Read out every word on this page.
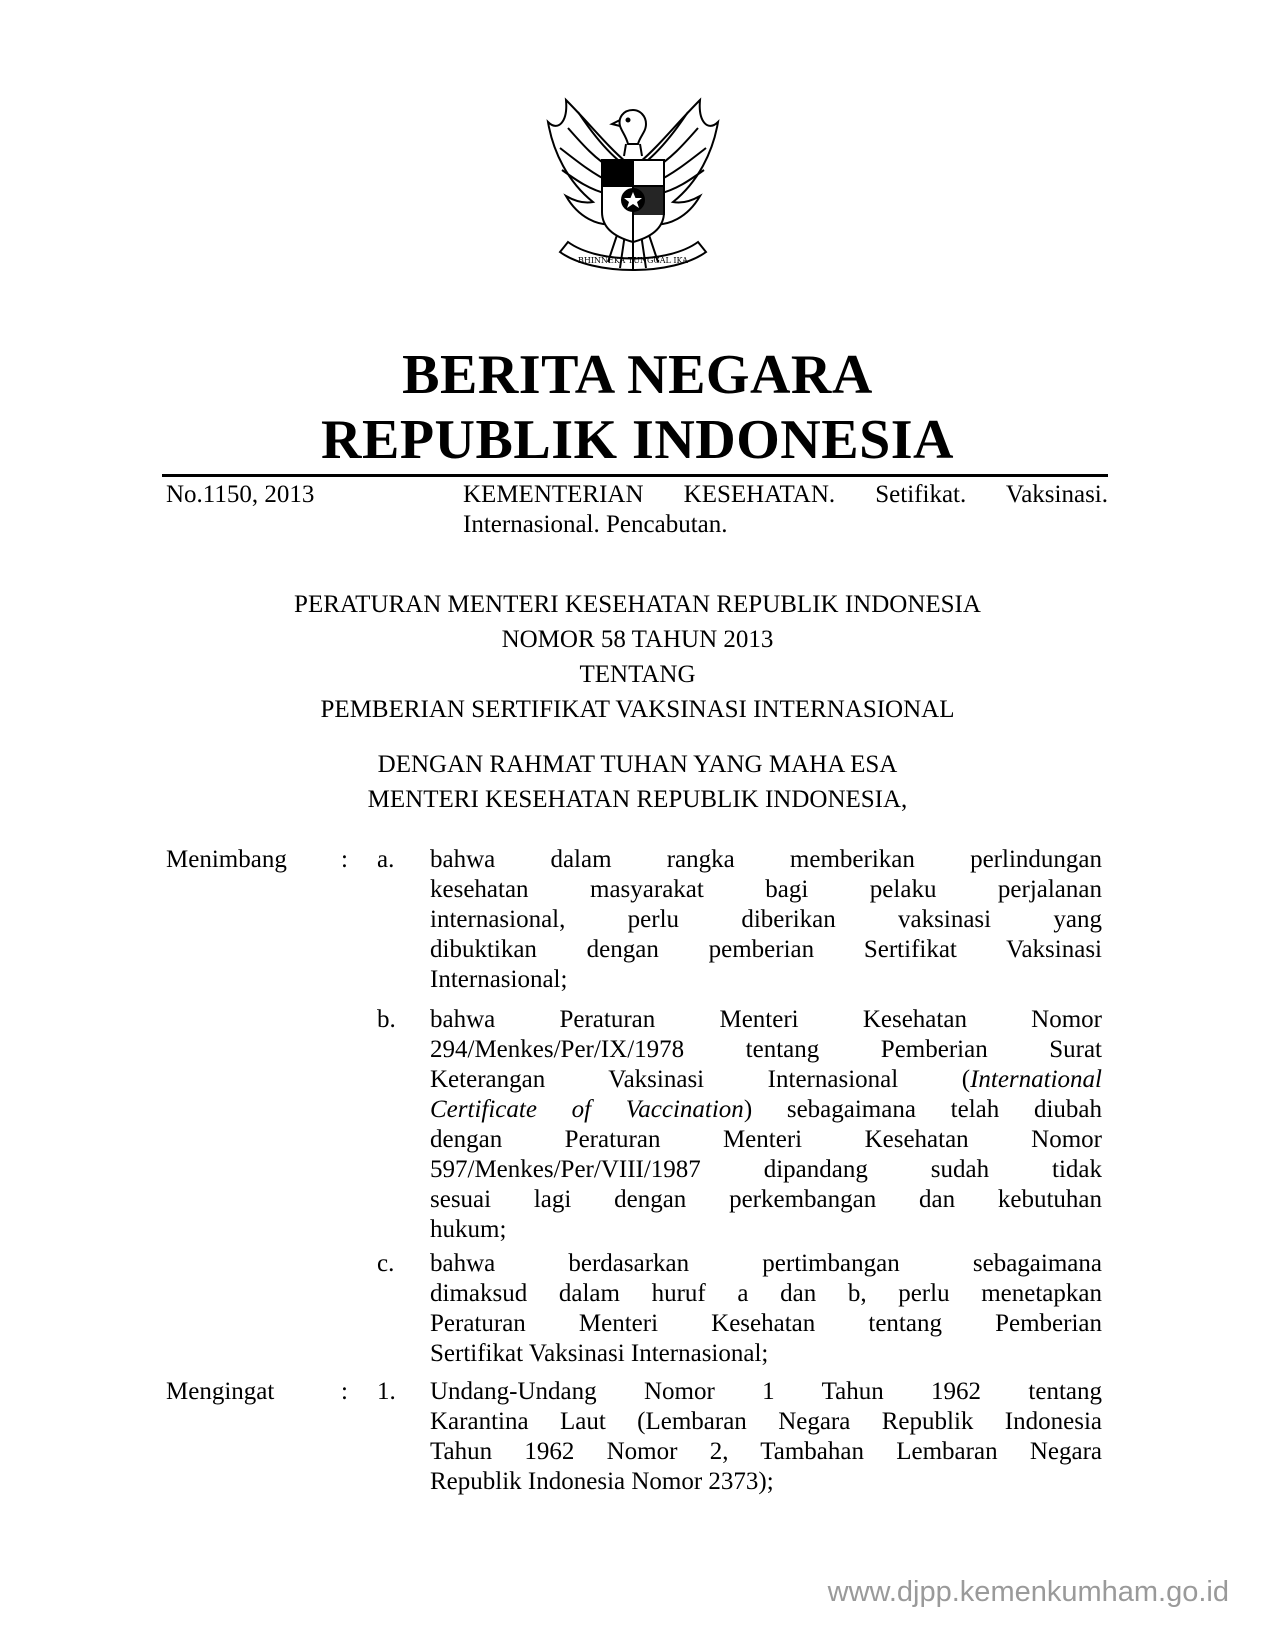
BHINNEKA TUNGGAL IKA
BERITA NEGARA
REPUBLIK INDONESIA
No.1150, 2013	KEMENTERIAN KESEHATAN. Setifikat. Vaksinasi.
Internasional. Pencabutan.
PERATURAN MENTERI KESEHATAN REPUBLIK INDONESIA
NOMOR 58 TAHUN 2013
TENTANG
PEMBERIAN SERTIFIKAT VAKSINASI INTERNASIONAL
DENGAN RAHMAT TUHAN YANG MAHA ESA
MENTERI KESEHATAN REPUBLIK INDONESIA,
Menimbang : a. bahwa dalam rangka memberikan perlindungan
kesehatan masyarakat bagi pelaku perjalanan
internasional, perlu diberikan vaksinasi yang
dibuktikan dengan pemberian Sertifikat Vaksinasi
Internasional;
b. bahwa Peraturan Menteri Kesehatan Nomor
294/Menkes/Per/IX/1978 tentang Pemberian Surat
Keterangan Vaksinasi Internasional (International
Certificate of Vaccination) sebagaimana telah diubah
dengan Peraturan Menteri Kesehatan Nomor
597/Menkes/Per/VIII/1987 dipandang sudah tidak
sesuai lagi dengan perkembangan dan kebutuhan
hukum;
c. bahwa berdasarkan pertimbangan sebagaimana
dimaksud dalam huruf a dan b, perlu menetapkan
Peraturan Menteri Kesehatan tentang Pemberian
Sertifikat Vaksinasi Internasional;
Mengingat	: 1. Undang-Undang Nomor 1 Tahun 1962 tentang
Karantina Laut (Lembaran Negara Republik Indonesia
Tahun 1962 Nomor 2, Tambahan Lembaran Negara
Republik Indonesia Nomor 2373);
www.djpp.kemenkumham.go.id
